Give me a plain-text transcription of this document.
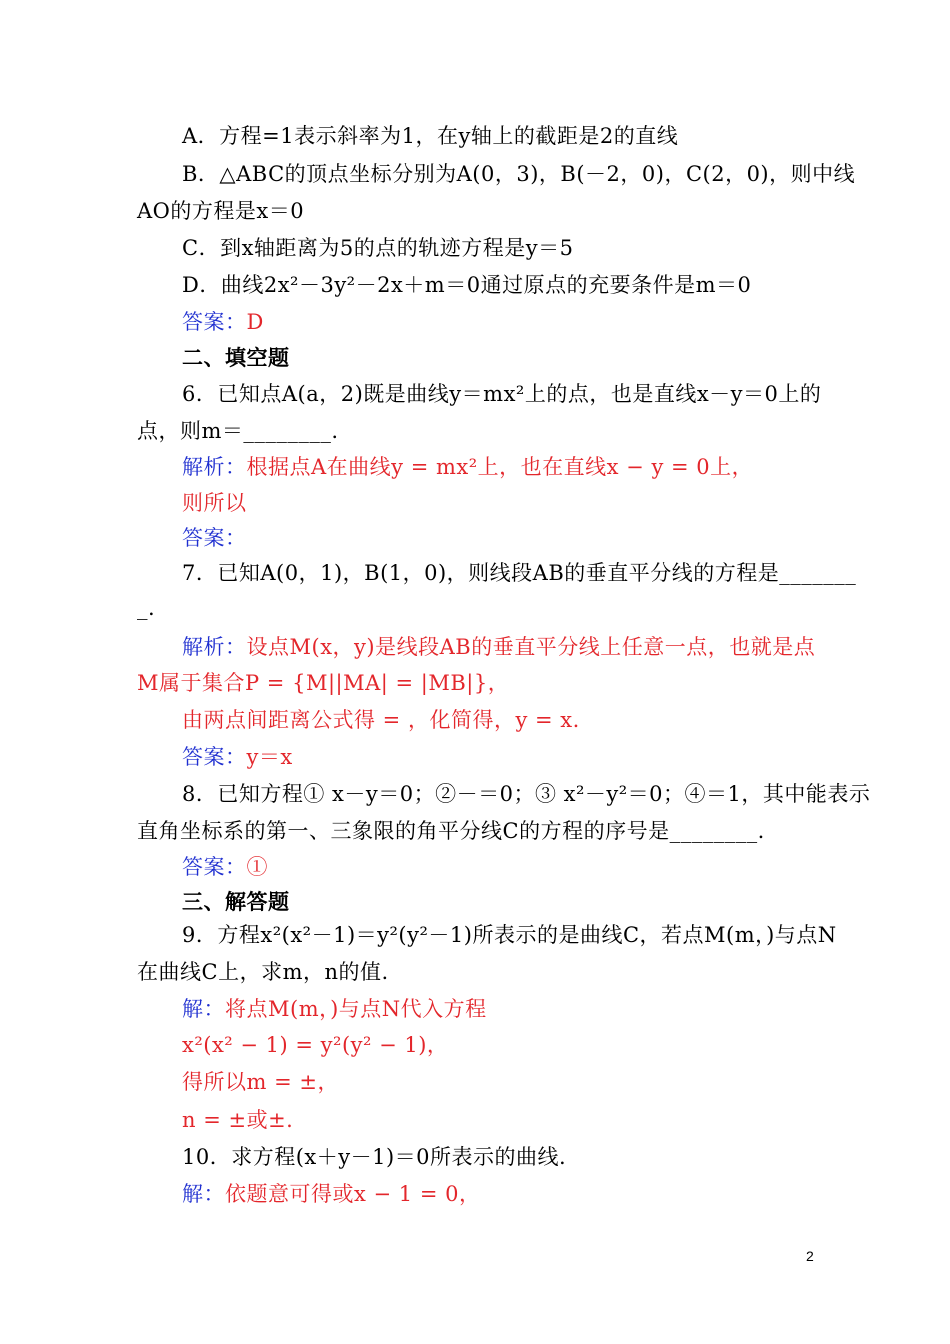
A．方程=1表示斜率为1，在y轴上的截距是2的直线
B．△ABC的顶点坐标分别为A(0，3)，B(－2，0)，C(2，0)，则中线
AO的方程是x＝0
C．到x轴距离为5的点的轨迹方程是y＝5
D．曲线2x²－3y²－2x＋m＝0通过原点的充要条件是m＝0
答案：D
二、填空题
6．已知点A(a，2)既是曲线y＝mx²上的点，也是直线x－y＝0上的
点，则m＝________.
解析：根据点A在曲线y = mx²上，也在直线x − y = 0上，
则所以
答案：
7．已知A(0，1)，B(1，0)，则线段AB的垂直平分线的方程是_______
_.
解析：设点M(x，y)是线段AB的垂直平分线上任意一点，也就是点
M属于集合P = {M||MA| = |MB|}，
由两点间距离公式得 = ，化简得，y = x.
答案：y＝x
8．已知方程① x－y＝0；②－＝0；③ x²－y²＝0；④＝1，其中能表示
直角坐标系的第一、三象限的角平分线C的方程的序号是________.
答案：①
三、解答题
9．方程x²(x²－1)＝y²(y²－1)所表示的是曲线C，若点M(m，)与点N
在曲线C上，求m，n的值.
解：将点M(m，)与点N代入方程
x²(x² − 1) = y²(y² − 1)，
得所以m = ±，
n = ±或±.
10．求方程(x＋y－1)＝0所表示的曲线.
解：依题意可得或x − 1 = 0，
2
